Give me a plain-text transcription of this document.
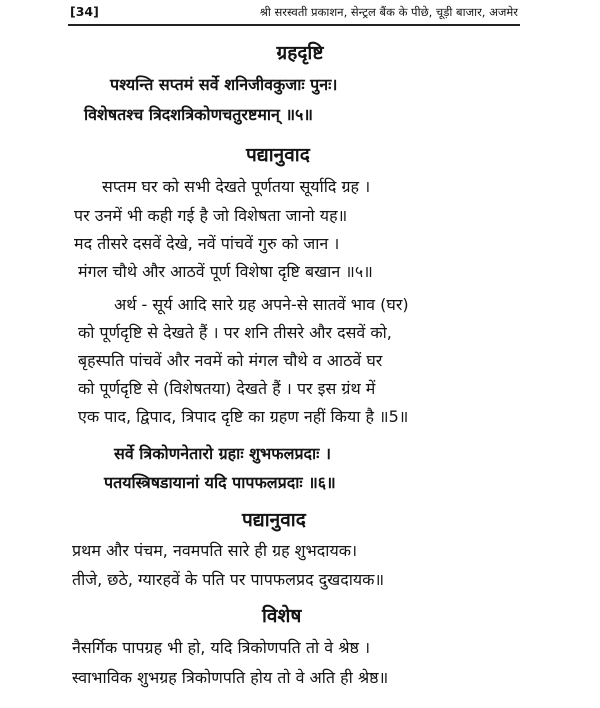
[34]	श्री सरस्वती प्रकाशन, सेन्ट्रल बैंक के पीछे, चूड़ी बाजार, अजमेर
ग्रहदृष्टि
पश्यन्ति सप्तमं सर्वे शनिजीवकुजाः पुनः।
विशेषतश्च त्रिदशत्रिकोणचतुरष्टमान् ॥५॥
पद्यानुवाद
सप्तम घर को सभी देखते पूर्णतया सूर्यादि ग्रह ।
पर उनमें भी कही गई है जो विशेषता जानो यह॥
मद तीसरे दसवें देखे, नवें पांचवें गुरु को जान ।
मंगल चौथे और आठवें पूर्ण विशेषा दृष्टि बखान ॥५॥
अर्थ - सूर्य आदि सारे ग्रह अपने-से सातवें भाव (घर)
को पूर्णदृष्टि से देखते हैं । पर शनि तीसरे और दसवें को,
बृहस्पति पांचवें और नवमें को मंगल चौथे व आठवें घर
को पूर्णदृष्टि से (विशेषतया) देखते हैं । पर इस ग्रंथ में
एक पाद, द्विपाद, त्रिपाद दृष्टि का ग्रहण नहीं किया है ॥5॥
सर्वे त्रिकोणनेतारो ग्रहाः शुभफलप्रदाः ।
पतयस्त्रिषडायानां यदि पापफलप्रदाः ॥६॥
पद्यानुवाद
प्रथम और पंचम, नवमपति सारे ही ग्रह शुभदायक।
तीजे, छठे, ग्यारहवें के पति पर पापफलप्रद दुखदायक॥
विशेष
नैसर्गिक पापग्रह भी हो, यदि त्रिकोणपति तो वे श्रेष्ठ ।
स्वाभाविक शुभग्रह त्रिकोणपति होय तो वे अति ही श्रेष्ठ॥
